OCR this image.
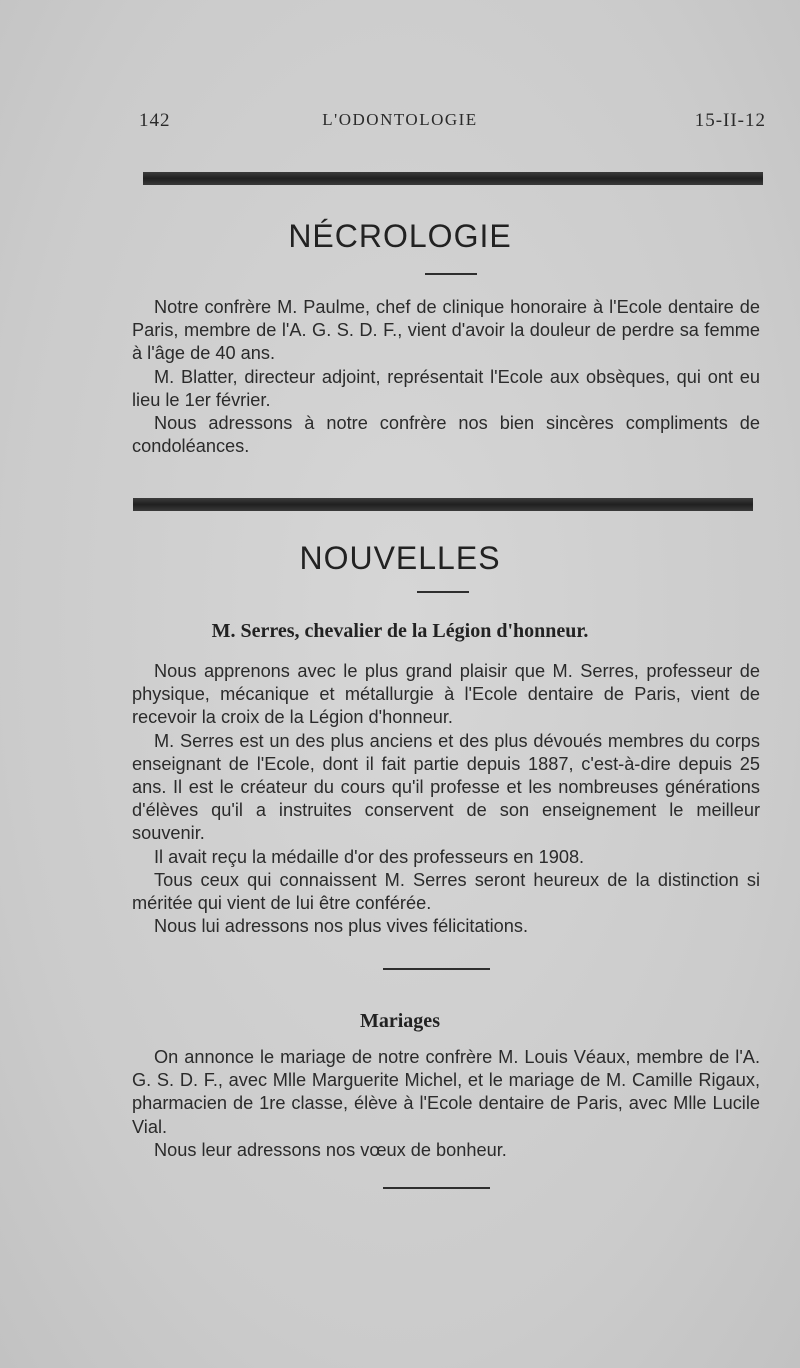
142	L'ODONTOLOGIE	15-II-12
NÉCROLOGIE

Notre confrère M. Paulme, chef de clinique honoraire à l'Ecole dentaire de Paris, membre de l'A. G. S. D. F., vient d'avoir la douleur de perdre sa femme à l'âge de 40 ans.

M. Blatter, directeur adjoint, représentait l'Ecole aux obsèques, qui ont eu lieu le 1er février.

Nous adressons à notre confrère nos bien sincères compliments de condoléances.

NOUVELLES
M. Serres, chevalier de la Légion d'honneur.

Nous apprenons avec le plus grand plaisir que M. Serres, professeur de physique, mécanique et métallurgie à l'Ecole dentaire de Paris, vient de recevoir la croix de la Légion d'honneur.

M. Serres est un des plus anciens et des plus dévoués membres du corps enseignant de l'Ecole, dont il fait partie depuis 1887, c'est-à-dire depuis 25 ans. Il est le créateur du cours qu'il professe et les nombreuses générations d'élèves qu'il a instruites conservent de son enseignement le meilleur souvenir.

Il avait reçu la médaille d'or des professeurs en 1908.

Tous ceux qui connaissent M. Serres seront heureux de la distinction si méritée qui vient de lui être conférée.

Nous lui adressons nos plus vives félicitations.

Mariages

On annonce le mariage de notre confrère M. Louis Véaux, membre de l'A. G. S. D. F., avec Mlle Marguerite Michel, et le mariage de M. Camille Rigaux, pharmacien de 1re classe, élève à l'Ecole dentaire de Paris, avec Mlle Lucile Vial.

Nous leur adressons nos vœux de bonheur.
